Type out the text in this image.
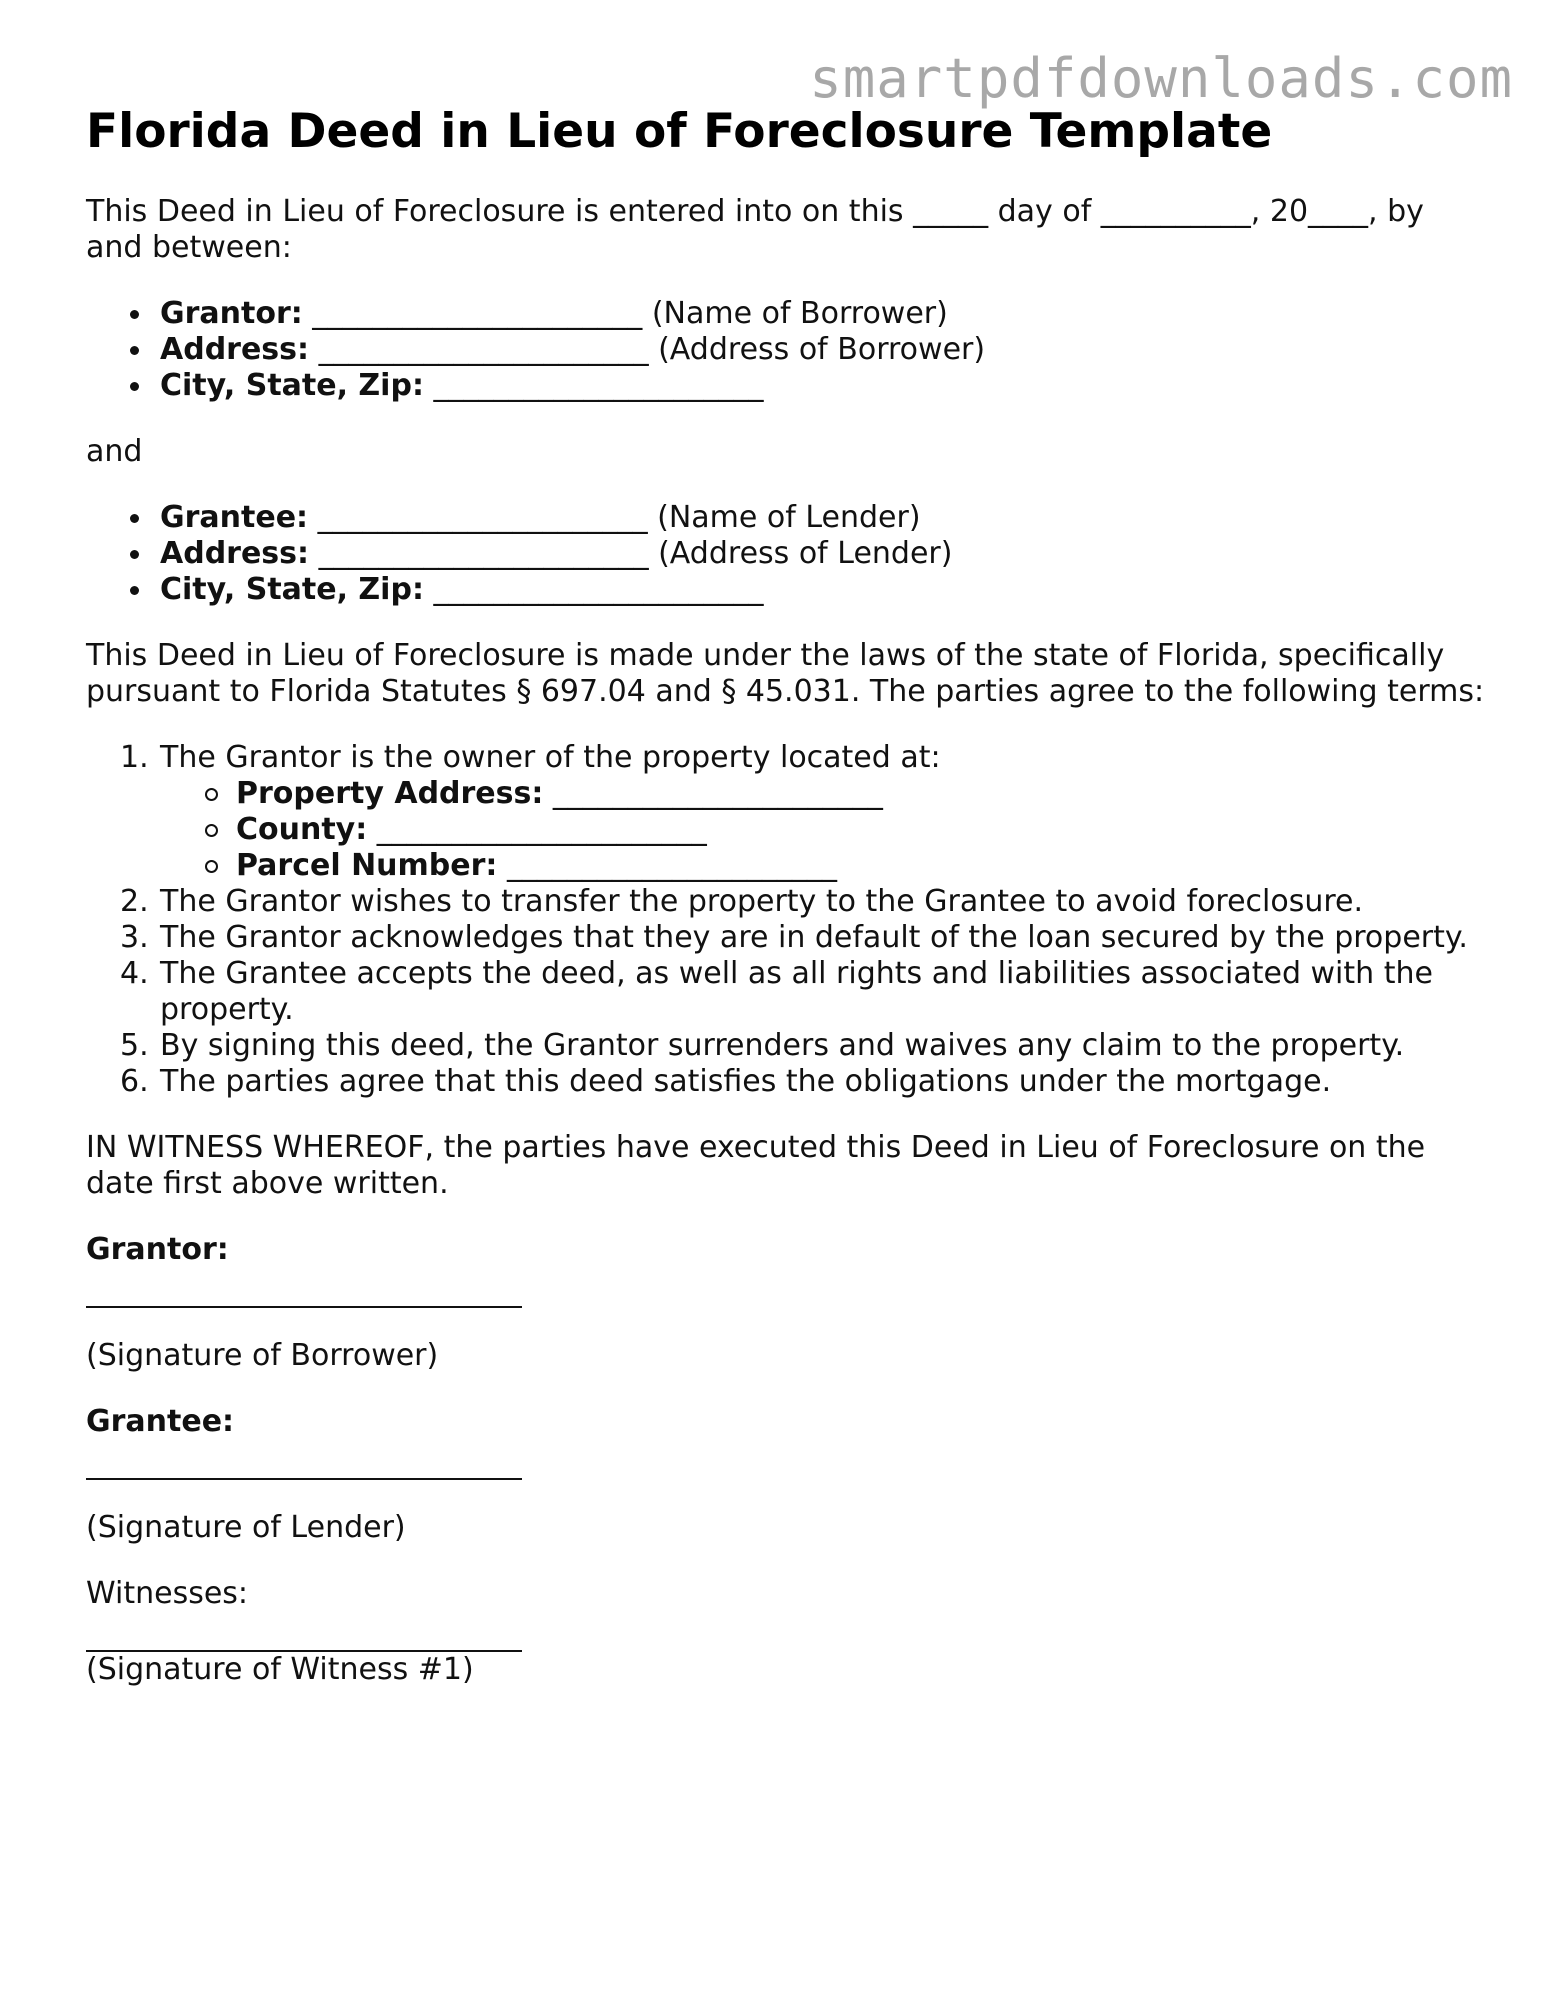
smartpdfdownloads.com
Florida Deed in Lieu of Foreclosure Template

This Deed in Lieu of Foreclosure is entered into on this _____ day of __________, 20____, by and between:

Grantor: ______________________ (Name of Borrower)
Address: ______________________ (Address of Borrower)
City, State, Zip: ______________________

and

Grantee: ______________________ (Name of Lender)
Address: ______________________ (Address of Lender)
City, State, Zip: ______________________

This Deed in Lieu of Foreclosure is made under the laws of the state of Florida, specifically pursuant to Florida Statutes § 697.04 and § 45.031. The parties agree to the following terms:

1. The Grantor is the owner of the property located at:
Property Address: ______________________
County: ______________________
Parcel Number: ______________________
2. The Grantor wishes to transfer the property to the Grantee to avoid foreclosure.
3. The Grantor acknowledges that they are in default of the loan secured by the property.
4. The Grantee accepts the deed, as well as all rights and liabilities associated with the property.
5. By signing this deed, the Grantor surrenders and waives any claim to the property.
6. The parties agree that this deed satisfies the obligations under the mortgage.

IN WITNESS WHEREOF, the parties have executed this Deed in Lieu of Foreclosure on the date first above written.

Grantor:
(Signature of Borrower)
Grantee:
(Signature of Lender)
Witnesses:
(Signature of Witness #1)
